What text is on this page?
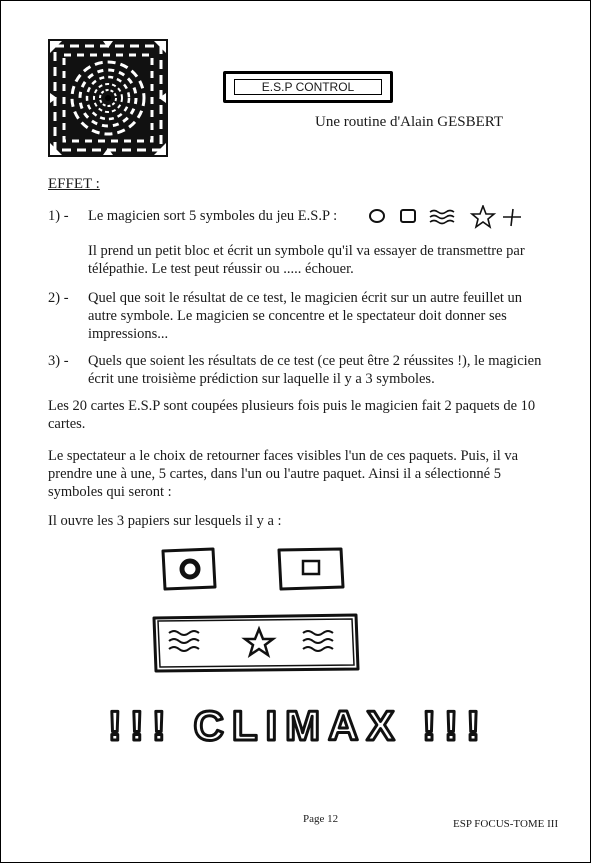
E.S.P CONTROL
Une routine d'Alain GESBERT
EFFET :
1) - Le magicien sort 5 symboles du jeu E.S.P :
Il prend un petit bloc et écrit un symbole qu'il va essayer de transmettre par télépathie. Le test peut réussir ou ..... échouer.
2) - Quel que soit le résultat de ce test, le magicien écrit sur un autre feuillet un autre symbole. Le magicien se concentre et le spectateur doit donner ses impressions...
3) - Quels que soient les résultats de ce test (ce peut être 2 réussites !), le magicien écrit une troisième prédiction sur laquelle il y a 3 symboles.
Les 20 cartes E.S.P sont coupées plusieurs fois puis le magicien fait 2 paquets de 10 cartes.
Le spectateur a le choix de retourner faces visibles l'un de ces paquets. Puis, il va prendre une à une, 5 cartes, dans l'un ou l'autre paquet. Ainsi il a sélectionné 5 symboles qui seront :
Il ouvre les 3 papiers sur lesquels il y a :
!!! CLIMAX !!!
Page 12	ESP FOCUS-TOME III
